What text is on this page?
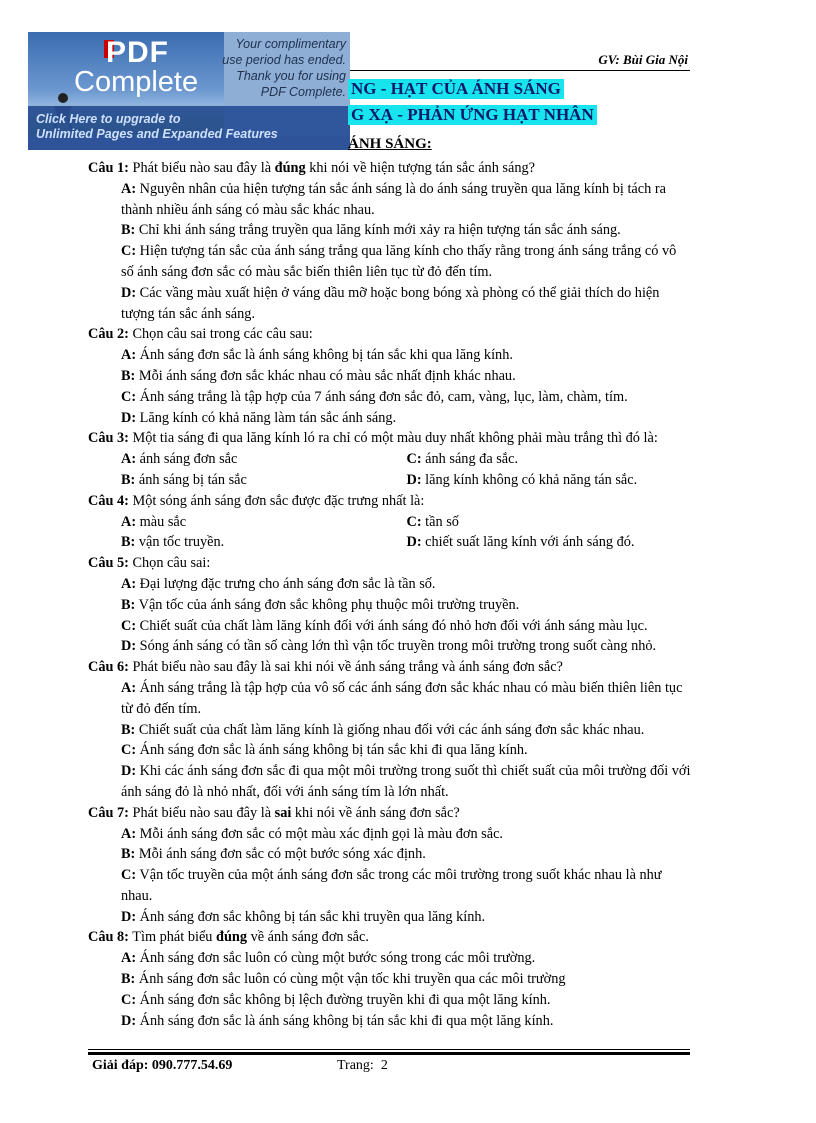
PDF
Complete
Your complimentary
use period has ended.
Thank you for using
PDF Complete.
Click Here to upgrade to
Unlimited Pages and Expanded Features
GV: Bùi Gia Nội
NG - HẠT CỦA ÁNH SÁNG
G XẠ - PHẢN ỨNG HẠT NHÂN
ÁNH SÁNG:

Câu 1: Phát biểu nào sau đây là đúng khi nói về hiện tượng tán sắc ánh sáng?

A: Nguyên nhân của hiện tượng tán sắc ánh sáng là do ánh sáng truyền qua lăng kính bị tách ra thành nhiều ánh sáng có màu sắc khác nhau.

B: Chỉ khi ánh sáng trắng truyền qua lăng kính mới xảy ra hiện tượng tán sắc ánh sáng.

C: Hiện tượng tán sắc của ánh sáng trắng qua lăng kính cho thấy rằng trong ánh sáng trắng có vô số ánh sáng đơn sắc có màu sắc biến thiên liên tục từ đỏ đến tím.

D: Các vầng màu xuất hiện ở váng dầu mỡ hoặc bong bóng xà phòng có thể giải thích do hiện tượng tán sắc ánh sáng.

Câu 2: Chọn câu sai trong các câu sau:

A: Ánh sáng đơn sắc là ánh sáng không bị tán sắc khi qua lăng kính.

B: Mỗi ánh sáng đơn sắc khác nhau có màu sắc nhất định khác nhau.

C: Ánh sáng trắng là tập hợp của 7 ánh sáng đơn sắc đỏ, cam, vàng, lục, làm, chàm, tím.

D: Lăng kính có khả năng làm tán sắc ánh sáng.

Câu 3: Một tia sáng đi qua lăng kính ló ra chỉ có một màu duy nhất không phải màu trắng thì đó là:

A: ánh sáng đơn sắc	C: ánh sáng đa sắc.
B: ánh sáng bị tán sắc	D: lăng kính không có khả năng tán sắc.

Câu 4: Một sóng ánh sáng đơn sắc được đặc trưng nhất là:

A: màu sắc	C: tần số
B: vận tốc truyền.	D: chiết suất lăng kính với ánh sáng đó.

Câu 5: Chọn câu sai:

A: Đại lượng đặc trưng cho ánh sáng đơn sắc là tần số.

B: Vận tốc của ánh sáng đơn sắc không phụ thuộc môi trường truyền.

C: Chiết suất của chất làm lăng kính đối với ánh sáng đó nhỏ hơn đối với ánh sáng màu lục.

D: Sóng ánh sáng có tần số càng lớn thì vận tốc truyền trong môi trường trong suốt càng nhỏ.

Câu 6: Phát biểu nào sau đây là sai khi nói về ánh sáng trắng và ánh sáng đơn sắc?

A: Ánh sáng trắng là tập hợp của vô số các ánh sáng đơn sắc khác nhau có màu biến thiên liên tục từ đỏ đến tím.

B: Chiết suất của chất làm lăng kính là giống nhau đối với các ánh sáng đơn sắc khác nhau.

C: Ánh sáng đơn sắc là ánh sáng không bị tán sắc khi đi qua lăng kính.

D: Khi các ánh sáng đơn sắc đi qua một môi trường trong suốt thì chiết suất của môi trường đối với ánh sáng đỏ là nhỏ nhất, đối với ánh sáng tím là lớn nhất.

Câu 7: Phát biểu nào sau đây là sai khi nói về ánh sáng đơn sắc?

A: Mỗi ánh sáng đơn sắc có một màu xác định gọi là màu đơn sắc.

B: Mỗi ánh sáng đơn sắc có một bước sóng xác định.

C: Vận tốc truyền của một ánh sáng đơn sắc trong các môi trường trong suốt khác nhau là như nhau.

D: Ánh sáng đơn sắc không bị tán sắc khi truyền qua lăng kính.

Câu 8: Tìm phát biểu đúng về ánh sáng đơn sắc.

A: Ánh sáng đơn sắc luôn có cùng một bước sóng trong các môi trường.

B: Ánh sáng đơn sắc luôn có cùng một vận tốc khi truyền qua các môi trường

C: Ánh sáng đơn sắc không bị lệch đường truyền khi đi qua một lăng kính.

D: Ánh sáng đơn sắc là ánh sáng không bị tán sắc khi đi qua một lăng kính.

Giải đáp: 090.777.54.69	Trang: 2
